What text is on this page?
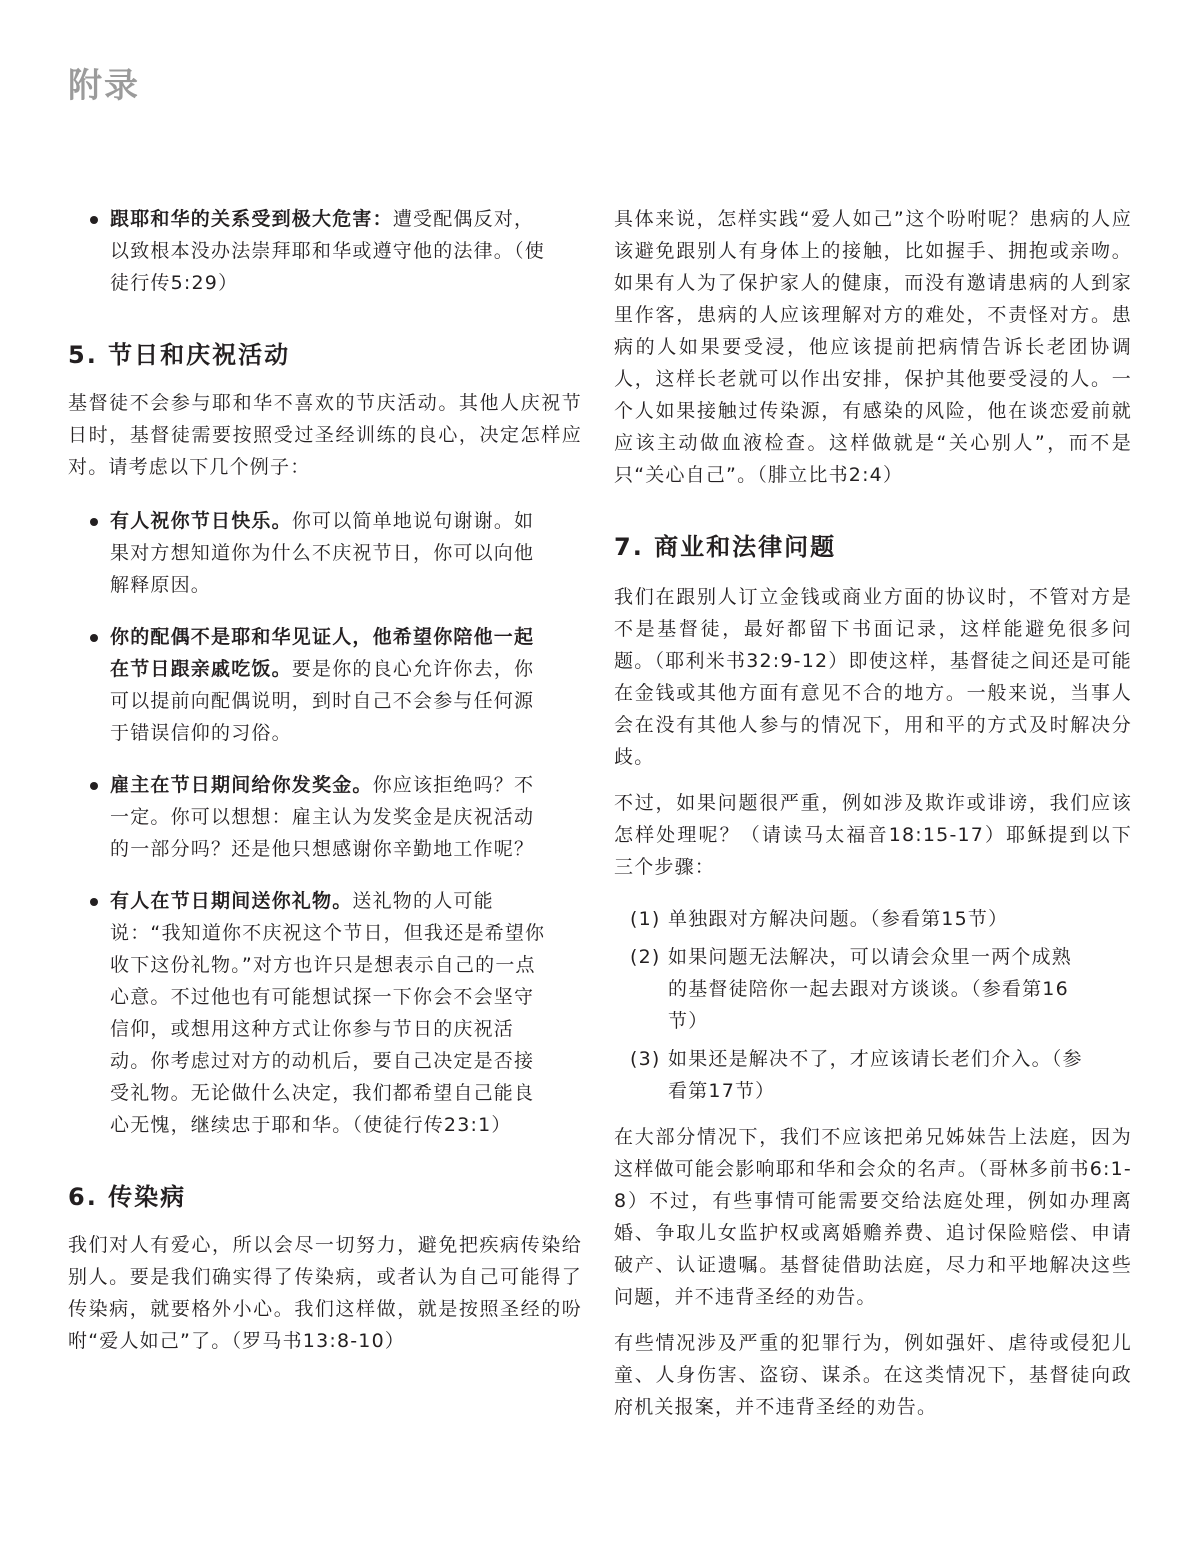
附录
跟耶和华的关系受到极大危害：遭受配偶反对，以致根本没办法崇拜耶和华或遵守他的法律。（使徒行传5:29）
5. 节日和庆祝活动

基督徒不会参与耶和华不喜欢的节庆活动。其他人庆祝节日时，基督徒需要按照受过圣经训练的良心，决定怎样应对。请考虑以下几个例子：

有人祝你节日快乐。你可以简单地说句谢谢。如果对方想知道你为什么不庆祝节日，你可以向他解释原因。
你的配偶不是耶和华见证人，他希望你陪他一起在节日跟亲戚吃饭。要是你的良心允许你去，你可以提前向配偶说明，到时自己不会参与任何源于错误信仰的习俗。
雇主在节日期间给你发奖金。你应该拒绝吗？不一定。你可以想想：雇主认为发奖金是庆祝活动的一部分吗？还是他只想感谢你辛勤地工作呢？
有人在节日期间送你礼物。送礼物的人可能说：“我知道你不庆祝这个节日，但我还是希望你收下这份礼物。”对方也许只是想表示自己的一点心意。不过他也有可能想试探一下你会不会坚守信仰，或想用这种方式让你参与节日的庆祝活动。你考虑过对方的动机后，要自己决定是否接受礼物。无论做什么决定，我们都希望自己能良心无愧，继续忠于耶和华。（使徒行传23:1）
6. 传染病

我们对人有爱心，所以会尽一切努力，避免把疾病传染给别人。要是我们确实得了传染病，或者认为自己可能得了传染病，就要格外小心。我们这样做，就是按照圣经的吩咐“爱人如己”了。（罗马书13:8-10）

具体来说，怎样实践“爱人如己”这个吩咐呢？患病的人应该避免跟别人有身体上的接触，比如握手、拥抱或亲吻。如果有人为了保护家人的健康，而没有邀请患病的人到家里作客，患病的人应该理解对方的难处，不责怪对方。患病的人如果要受浸，他应该提前把病情告诉长老团协调人，这样长老就可以作出安排，保护其他要受浸的人。一个人如果接触过传染源，有感染的风险，他在谈恋爱前就应该主动做血液检查。这样做就是“关心别人”，而不是只“关心自己”。（腓立比书2:4）

7. 商业和法律问题

我们在跟别人订立金钱或商业方面的协议时，不管对方是不是基督徒，最好都留下书面记录，这样能避免很多问题。（耶利米书32:9-12）即使这样，基督徒之间还是可能在金钱或其他方面有意见不合的地方。一般来说，当事人会在没有其他人参与的情况下，用和平的方式及时解决分歧。

不过，如果问题很严重，例如涉及欺诈或诽谤，我们应该怎样处理呢？（请读马太福音18:15-17）耶稣提到以下三个步骤：

(1) 单独跟对方解决问题。（参看第15节）
(2) 如果问题无法解决，可以请会众里一两个成熟的基督徒陪你一起去跟对方谈谈。（参看第16节）
(3) 如果还是解决不了，才应该请长老们介入。（参看第17节）

在大部分情况下，我们不应该把弟兄姊妹告上法庭，因为这样做可能会影响耶和华和会众的名声。（哥林多前书6:1-8）不过，有些事情可能需要交给法庭处理，例如办理离婚、争取儿女监护权或离婚赡养费、追讨保险赔偿、申请破产、认证遗嘱。基督徒借助法庭，尽力和平地解决这些问题，并不违背圣经的劝告。

有些情况涉及严重的犯罪行为，例如强奸、虐待或侵犯儿童、人身伤害、盗窃、谋杀。在这类情况下，基督徒向政府机关报案，并不违背圣经的劝告。
